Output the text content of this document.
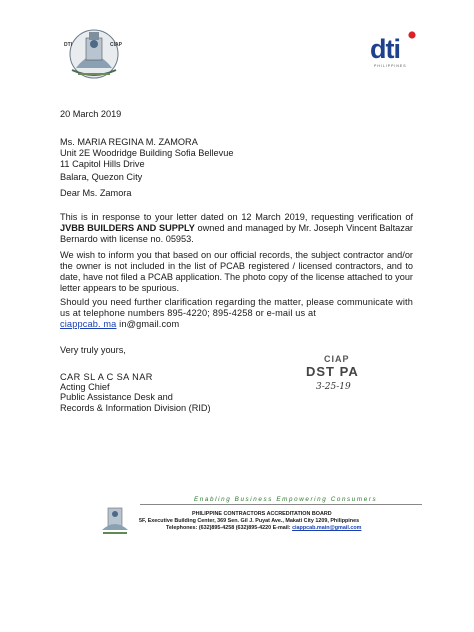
DTI	CIAP	dti
PHILIPPINES
20 March 2019
Ms. MARIA REGINA M. ZAMORA
Unit 2E Woodridge Building Sofia Bellevue
11 Capitol Hills Drive
Balara, Quezon City
Dear Ms. Zamora
This is in response to your letter dated on 12 March 2019, requesting verification of JVBB BUILDERS AND SUPPLY owned and managed by Mr. Joseph Vincent Baltazar Bernardo with license no. 05953.
We wish to inform you that based on our official records, the subject contractor and/or the owner is not included in the list of PCAB registered / licensed contractors, and to date, have not filed a PCAB application. The photo copy of the license attached to your letter appears to be spurious.
Should you need further clarification regarding the matter, please communicate with us at telephone numbers 895-4220; 895-4258 or e-mail us at
ciappcab. ma in@gmail.com
Very truly yours,
CAR SL A C SA NAR
Acting Chief
Public Assistance Desk and
Records & Information Division (RID)
CIAP
DST PA
3-25-19
Enabling Business Empowering Consumers
PHILIPPINE CONTRACTORS ACCREDITATION BOARD
5F, Executive Building Center, 369 Sen. Gil J. Puyat Ave., Makati City 1209, Philippines
Telephones: (632)895-4258 (632)895-4220 E-mail: ciappcab.main@gmail.com
